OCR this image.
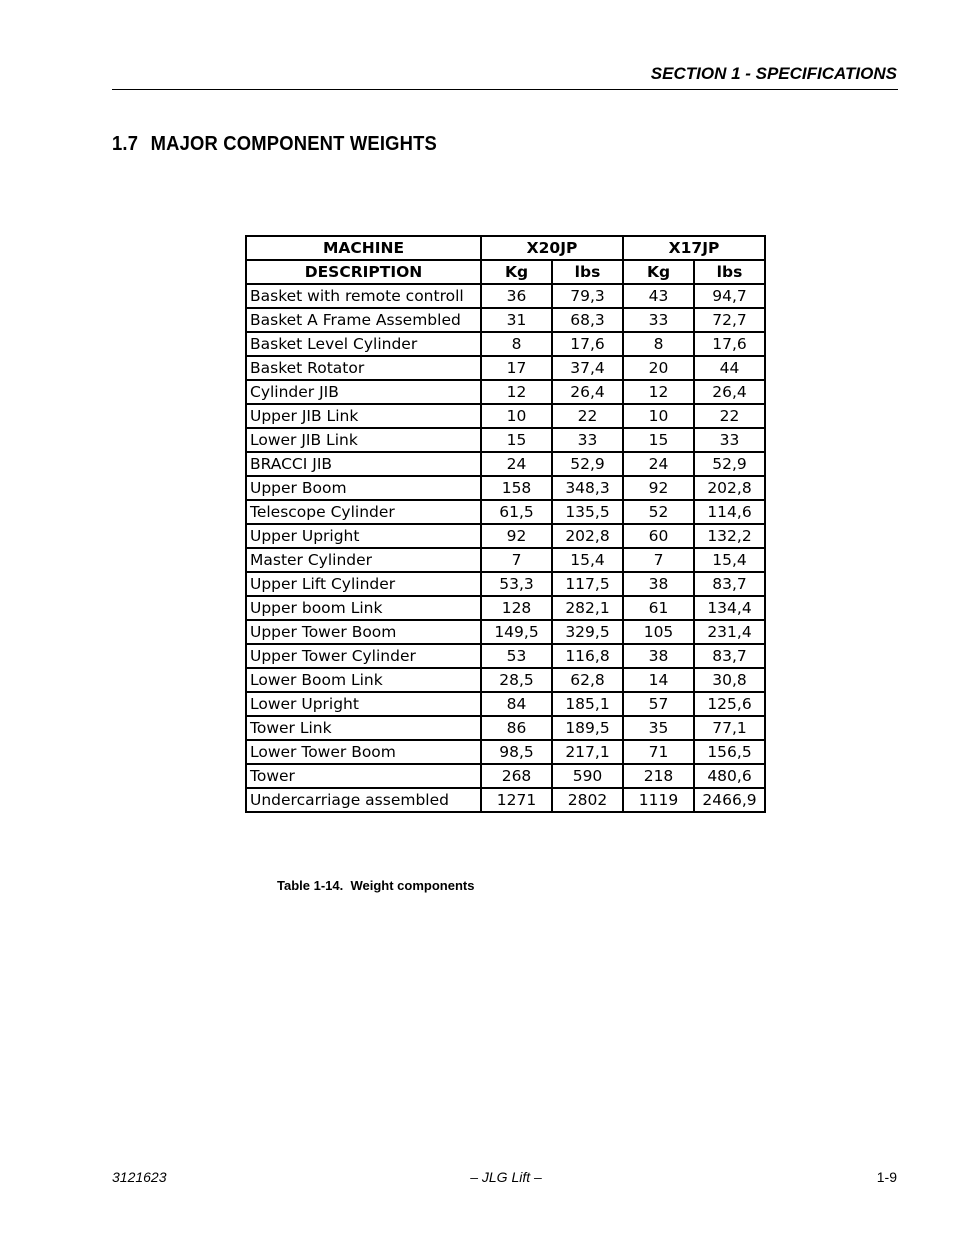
SECTION 1 - SPECIFICATIONS
1.7 MAJOR COMPONENT WEIGHTS
MACHINE	X20JP		X17JP	
DESCRIPTION	Kg	lbs	Kg	lbs
Basket with remote controll	36	79,3	43	94,7
Basket A Frame Assembled	31	68,3	33	72,7
Basket Level Cylinder	8	17,6	8	17,6
Basket Rotator	17	37,4	20	44
Cylinder JIB	12	26,4	12	26,4
Upper JIB Link	10	22	10	22
Lower JIB Link	15	33	15	33
BRACCI JIB	24	52,9	24	52,9
Upper Boom	158	348,3	92	202,8
Telescope Cylinder	61,5	135,5	52	114,6
Upper Upright	92	202,8	60	132,2
Master Cylinder	7	15,4	7	15,4
Upper Lift Cylinder	53,3	117,5	38	83,7
Upper boom Link	128	282,1	61	134,4
Upper Tower Boom	149,5	329,5	105	231,4
Upper Tower Cylinder	53	116,8	38	83,7
Lower Boom Link	28,5	62,8	14	30,8
Lower Upright	84	185,1	57	125,6
Tower Link	86	189,5	35	77,1
Lower Tower Boom	98,5	217,1	71	156,5
Tower	268	590	218	480,6
Undercarriage assembled	1271	2802	1119	2466,9
Table 1-14. Weight components
3121623	– JLG Lift –	1-9
